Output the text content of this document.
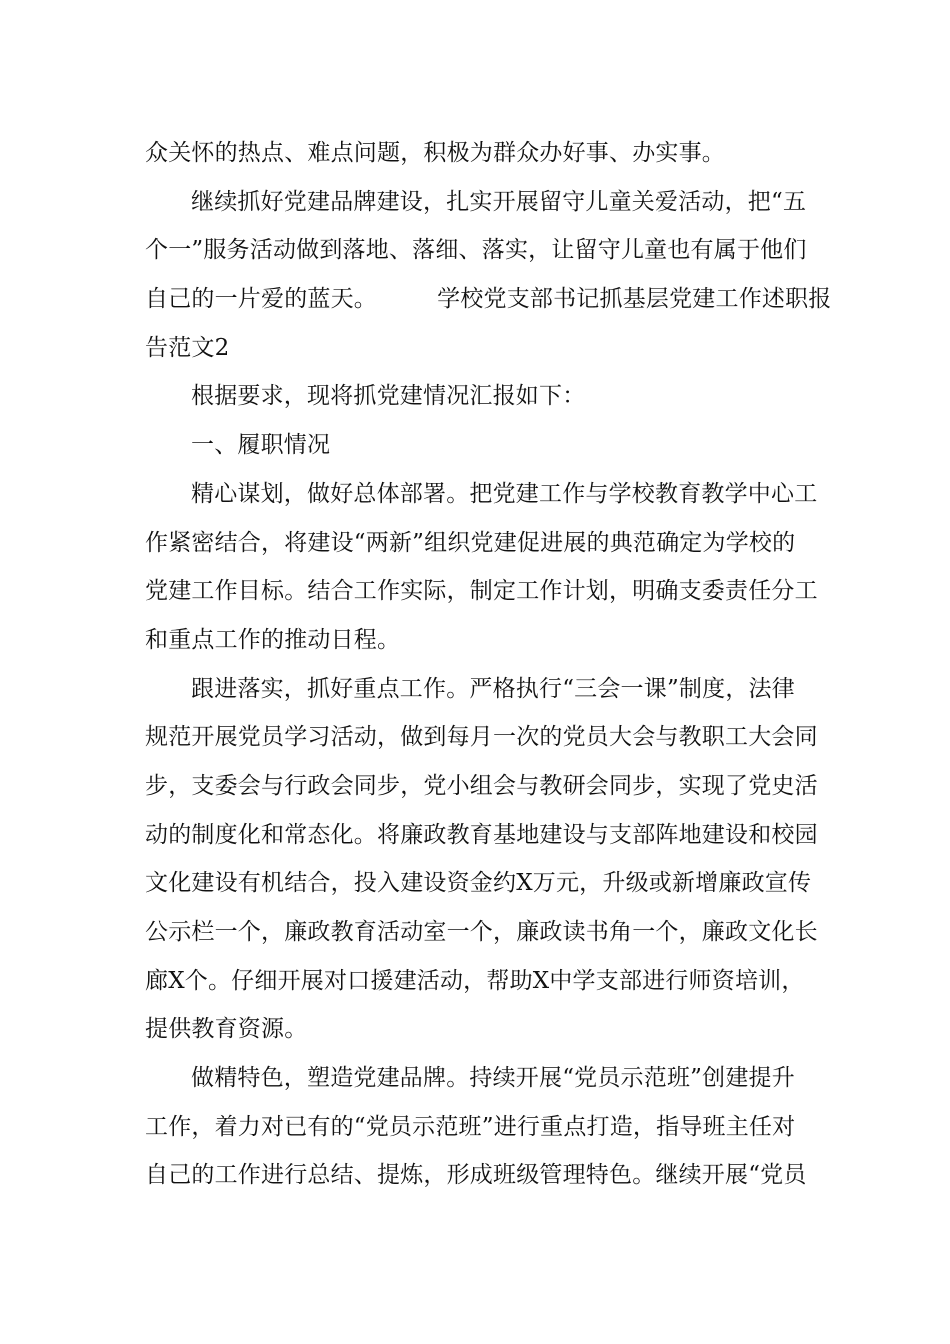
众关怀的热点、难点问题，积极为群众办好事、办实事。
继续抓好党建品牌建设，扎实开展留守儿童关爱活动，把“五
个一”服务活动做到落地、落细、落实，让留守儿童也有属于他们
自己的一片爱的蓝天。        学校党支部书记抓基层党建工作述职报
告范文2
根据要求，现将抓党建情况汇报如下：
一、履职情况
精心谋划，做好总体部署。把党建工作与学校教育教学中心工
作紧密结合，将建设“两新”组织党建促进展的典范确定为学校的
党建工作目标。结合工作实际，制定工作计划，明确支委责任分工
和重点工作的推动日程。
跟进落实，抓好重点工作。严格执行“三会一课”制度，法律
规范开展党员学习活动，做到每月一次的党员大会与教职工大会同
步，支委会与行政会同步，党小组会与教研会同步，实现了党史活
动的制度化和常态化。将廉政教育基地建设与支部阵地建设和校园
文化建设有机结合，投入建设资金约X万元，升级或新增廉政宣传
公示栏一个，廉政教育活动室一个，廉政读书角一个，廉政文化长
廊X个。仔细开展对口援建活动，帮助X中学支部进行师资培训，
提供教育资源。
做精特色，塑造党建品牌。持续开展“党员示范班”创建提升
工作，着力对已有的“党员示范班”进行重点打造，指导班主任对
自己的工作进行总结、提炼，形成班级管理特色。继续开展“党员
